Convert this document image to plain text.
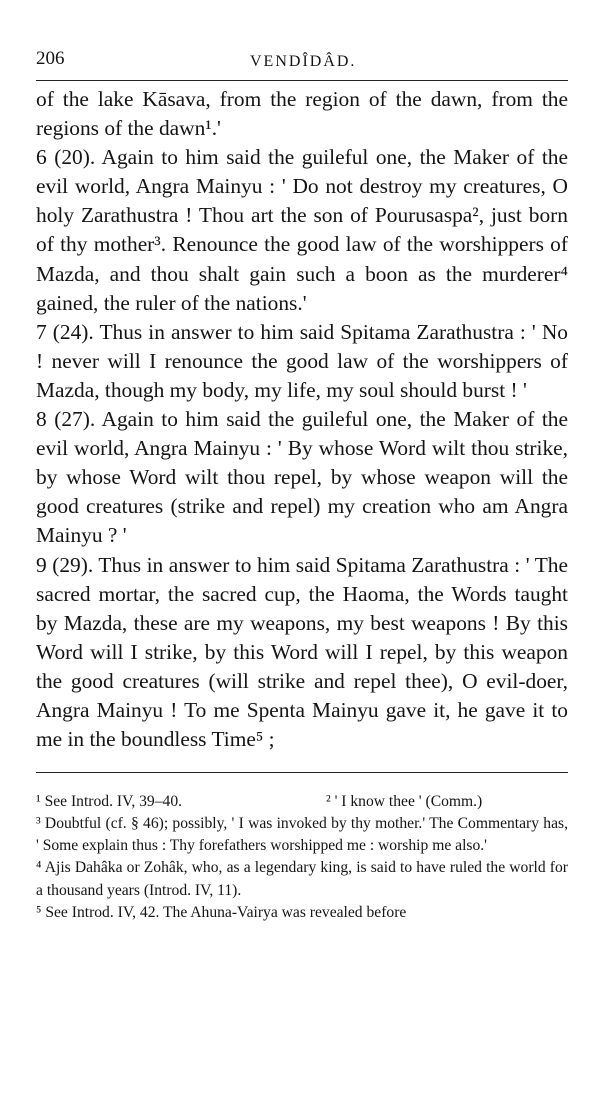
206	VENDÎDÂD.

of the lake Kāsava, from the region of the dawn, from the regions of the dawn¹.'

6 (20). Again to him said the guileful one, the Maker of the evil world, Angra Mainyu : ' Do not destroy my creatures, O holy Zarathustra ! Thou art the son of Pourusaspa², just born of thy mother³. Renounce the good law of the worshippers of Mazda, and thou shalt gain such a boon as the murderer⁴ gained, the ruler of the nations.'

7 (24). Thus in answer to him said Spitama Zarathustra : ' No ! never will I renounce the good law of the worshippers of Mazda, though my body, my life, my soul should burst ! '

8 (27). Again to him said the guileful one, the Maker of the evil world, Angra Mainyu : ' By whose Word wilt thou strike, by whose Word wilt thou repel, by whose weapon will the good creatures (strike and repel) my creation who am Angra Mainyu ? '

9 (29). Thus in answer to him said Spitama Zarathustra : ' The sacred mortar, the sacred cup, the Haoma, the Words taught by Mazda, these are my weapons, my best weapons ! By this Word will I strike, by this Word will I repel, by this weapon the good creatures (will strike and repel thee), O evil-doer, Angra Mainyu ! To me Spenta Mainyu gave it, he gave it to me in the boundless Time⁵ ;

¹ See Introd. IV, 39–40.	² ' I know thee ' (Comm.)

³ Doubtful (cf. § 46); possibly, ' I was invoked by thy mother.' The Commentary has, ' Some explain thus : Thy forefathers worshipped me : worship me also.'

⁴ Ajis Dahâka or Zohâk, who, as a legendary king, is said to have ruled the world for a thousand years (Introd. IV, 11).

⁵ See Introd. IV, 42. The Ahuna-Vairya was revealed before
